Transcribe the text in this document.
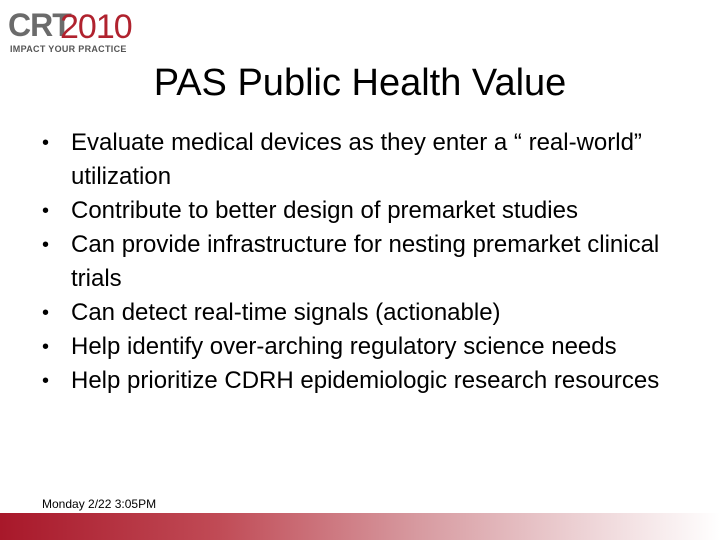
CRT
2010
IMPACT YOUR PRACTICE
PAS Public Health Value
• Evaluate medical devices as they enter a “ real-world” utilization
• Contribute to better design of premarket studies
• Can provide infrastructure for nesting premarket clinical trials
• Can detect real-time signals (actionable)
• Help identify over-arching regulatory science needs
• Help prioritize CDRH epidemiologic research resources
Monday 2/22 3:05PM
